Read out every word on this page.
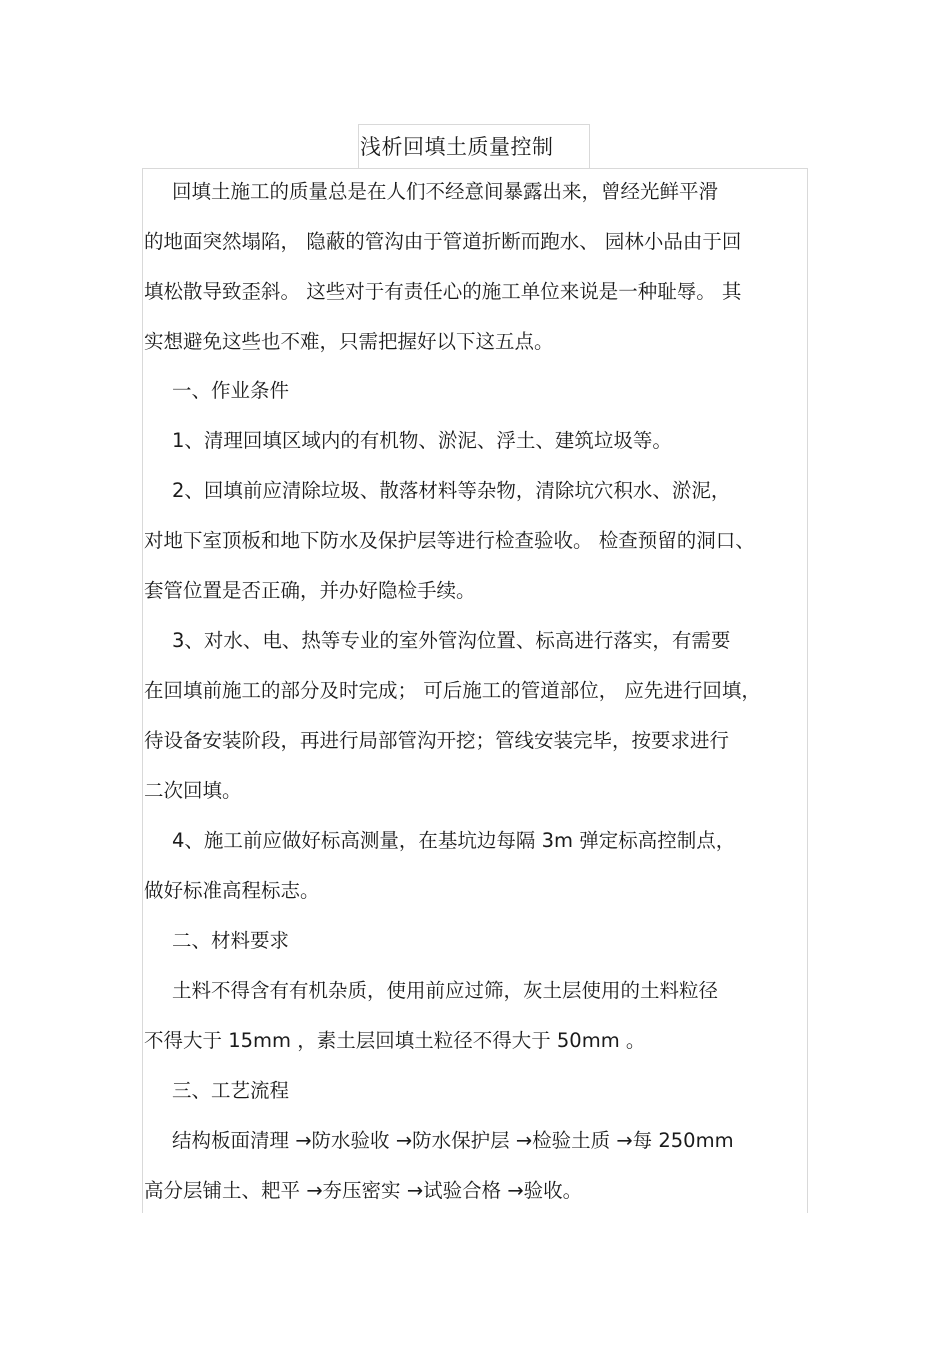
浅析回填土质量控制
回填土施工的质量总是在人们不经意间暴露出来，曾经光鲜平滑
的地面突然塌陷， 隐蔽的管沟由于管道折断而跑水、 园林小品由于回
填松散导致歪斜。 这些对于有责任心的施工单位来说是一种耻辱。 其
实想避免这些也不难，只需把握好以下这五点。
一、作业条件
1、清理回填区域内的有机物、淤泥、浮土、建筑垃圾等。
2、回填前应清除垃圾、散落材料等杂物，清除坑穴积水、淤泥，
对地下室顶板和地下防水及保护层等进行检查验收。 检查预留的洞口、
套管位置是否正确，并办好隐检手续。
3、对水、电、热等专业的室外管沟位置、标高进行落实，有需要
在回填前施工的部分及时完成； 可后施工的管道部位， 应先进行回填，
待设备安装阶段，再进行局部管沟开挖；管线安装完毕，按要求进行
二次回填。
4、施工前应做好标高测量，在基坑边每隔 3m 弹定标高控制点，
做好标准高程标志。
二、材料要求
土料不得含有有机杂质，使用前应过筛，灰土层使用的土料粒径
不得大于 15mm ，素土层回填土粒径不得大于 50mm 。
三、工艺流程
结构板面清理 →防水验收 →防水保护层 →检验土质 →每 250mm
高分层铺土、耙平 →夯压密实 →试验合格 →验收。
